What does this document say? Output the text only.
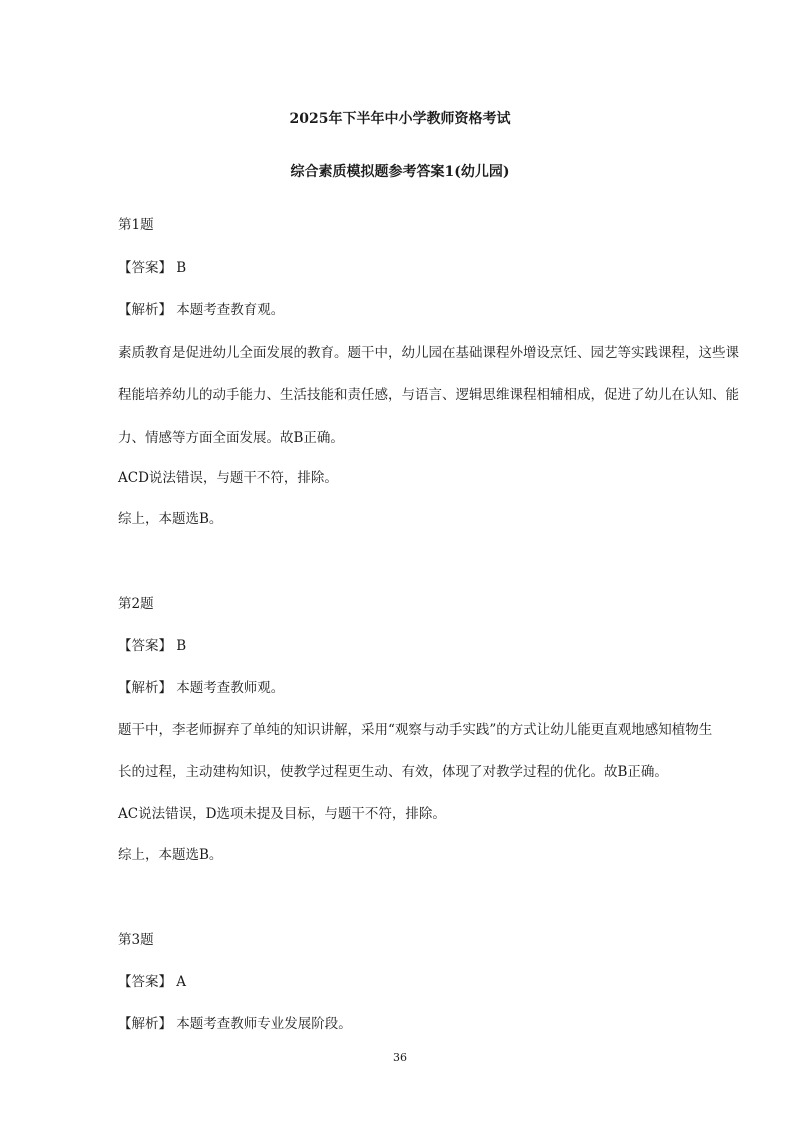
2025年下半年中小学教师资格考试

综合素质模拟题参考答案1(幼儿园)

第1题

【答案】 B

【解析】 本题考查教育观。

素质教育是促进幼儿全面发展的教育。题干中，幼儿园在基础课程外增设烹饪、园艺等实践课程，这些课

程能培养幼儿的动手能力、生活技能和责任感，与语言、逻辑思维课程相辅相成，促进了幼儿在认知、能

力、情感等方面全面发展。故B正确。

ACD说法错误，与题干不符，排除。

综上，本题选B。

第2题

【答案】 B

【解析】 本题考查教师观。

题干中，李老师摒弃了单纯的知识讲解，采用“观察与动手实践”的方式让幼儿能更直观地感知植物生

长的过程，主动建构知识，使教学过程更生动、有效，体现了对教学过程的优化。故B正确。

AC说法错误，D选项未提及目标，与题干不符，排除。

综上，本题选B。

第3题

【答案】 A

【解析】 本题考查教师专业发展阶段。

36
